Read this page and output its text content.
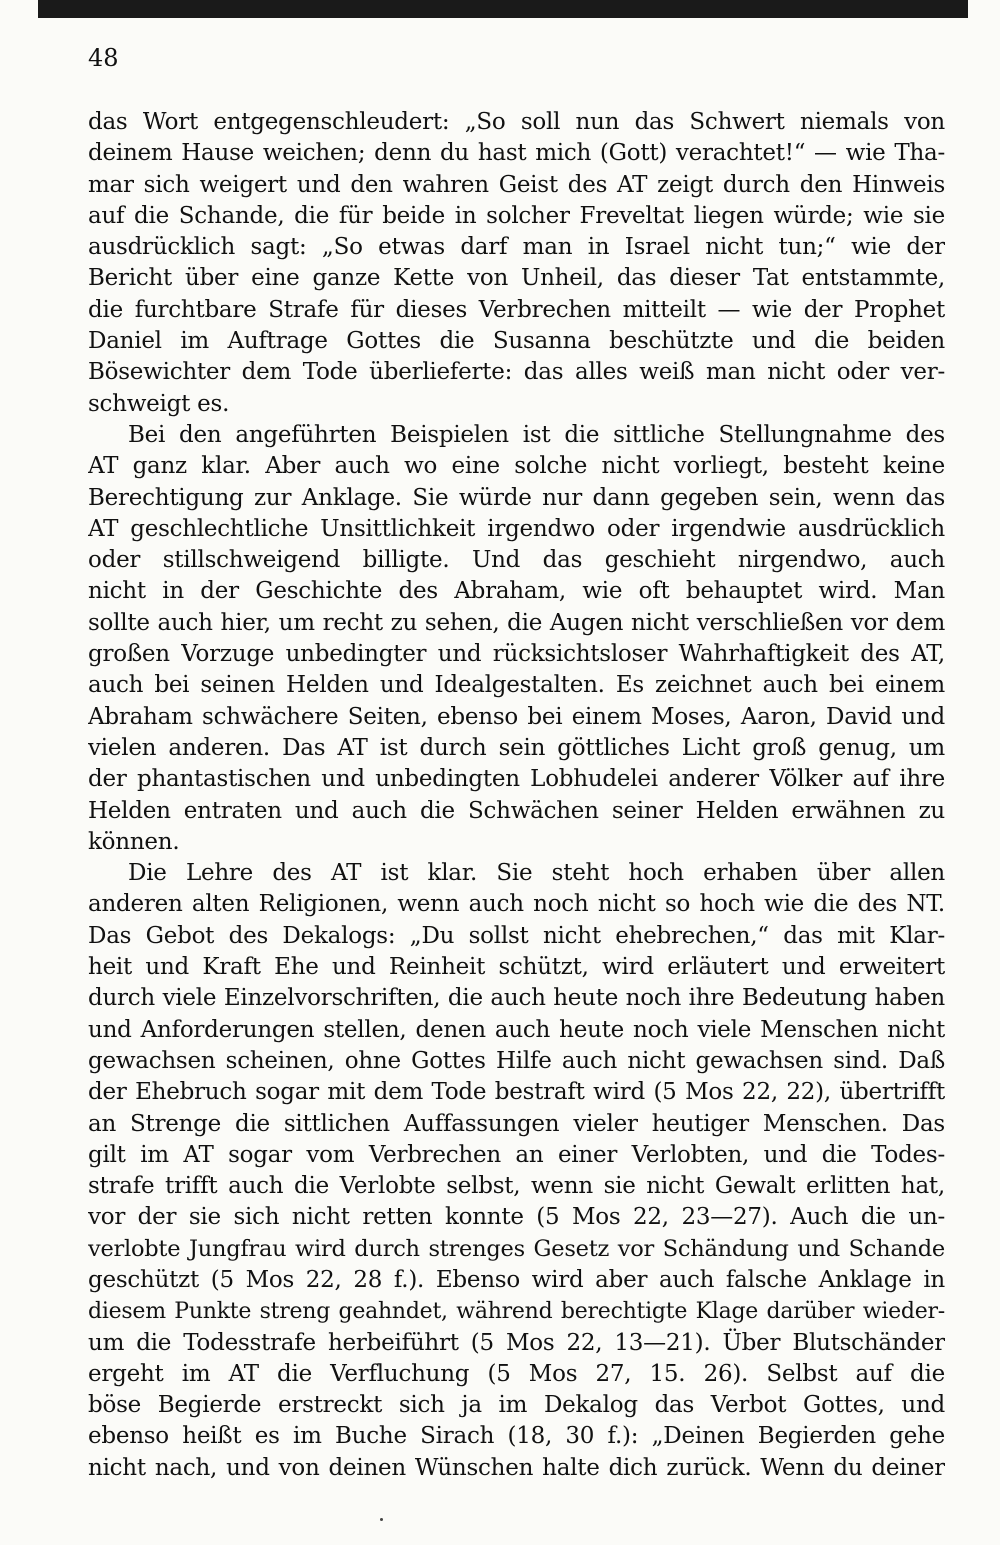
48
das Wort entgegenschleudert: „So soll nun das Schwert niemals von
deinem Hause weichen; denn du hast mich (Gott) verachtet!“ — wie Tha-
mar sich weigert und den wahren Geist des AT zeigt durch den Hinweis
auf die Schande, die für beide in solcher Freveltat liegen würde; wie sie
ausdrücklich sagt: „So etwas darf man in Israel nicht tun;“ wie der
Bericht über eine ganze Kette von Unheil, das dieser Tat entstammte,
die furchtbare Strafe für dieses Verbrechen mitteilt — wie der Prophet
Daniel im Auftrage Gottes die Susanna beschützte und die beiden
Bösewichter dem Tode überlieferte: das alles weiß man nicht oder ver-
schweigt es.
Bei den angeführten Beispielen ist die sittliche Stellungnahme des
AT ganz klar. Aber auch wo eine solche nicht vorliegt, besteht keine
Berechtigung zur Anklage. Sie würde nur dann gegeben sein, wenn das
AT geschlechtliche Unsittlichkeit irgendwo oder irgendwie ausdrücklich
oder stillschweigend billigte. Und das geschieht nirgendwo, auch
nicht in der Geschichte des Abraham, wie oft behauptet wird. Man
sollte auch hier, um recht zu sehen, die Augen nicht verschließen vor dem
großen Vorzuge unbedingter und rücksichtsloser Wahrhaftigkeit des AT,
auch bei seinen Helden und Idealgestalten. Es zeichnet auch bei einem
Abraham schwächere Seiten, ebenso bei einem Moses, Aaron, David und
vielen anderen. Das AT ist durch sein göttliches Licht groß genug, um
der phantastischen und unbedingten Lobhudelei anderer Völker auf ihre
Helden entraten und auch die Schwächen seiner Helden erwähnen zu
können.
Die Lehre des AT ist klar. Sie steht hoch erhaben über allen
anderen alten Religionen, wenn auch noch nicht so hoch wie die des NT.
Das Gebot des Dekalogs: „Du sollst nicht ehebrechen,“ das mit Klar-
heit und Kraft Ehe und Reinheit schützt, wird erläutert und erweitert
durch viele Einzelvorschriften, die auch heute noch ihre Bedeutung haben
und Anforderungen stellen, denen auch heute noch viele Menschen nicht
gewachsen scheinen, ohne Gottes Hilfe auch nicht gewachsen sind. Daß
der Ehebruch sogar mit dem Tode bestraft wird (5 Mos 22, 22), übertrifft
an Strenge die sittlichen Auffassungen vieler heutiger Menschen. Das
gilt im AT sogar vom Verbrechen an einer Verlobten, und die Todes-
strafe trifft auch die Verlobte selbst, wenn sie nicht Gewalt erlitten hat,
vor der sie sich nicht retten konnte (5 Mos 22, 23—27). Auch die un-
verlobte Jungfrau wird durch strenges Gesetz vor Schändung und Schande
geschützt (5 Mos 22, 28 f.). Ebenso wird aber auch falsche Anklage in
diesem Punkte streng geahndet, während berechtigte Klage darüber wieder-
um die Todesstrafe herbeiführt (5 Mos 22, 13—21). Über Blutschänder
ergeht im AT die Verfluchung (5 Mos 27, 15. 26). Selbst auf die
böse Begierde erstreckt sich ja im Dekalog das Verbot Gottes, und
ebenso heißt es im Buche Sirach (18, 30 f.): „Deinen Begierden gehe
nicht nach, und von deinen Wünschen halte dich zurück. Wenn du deiner
